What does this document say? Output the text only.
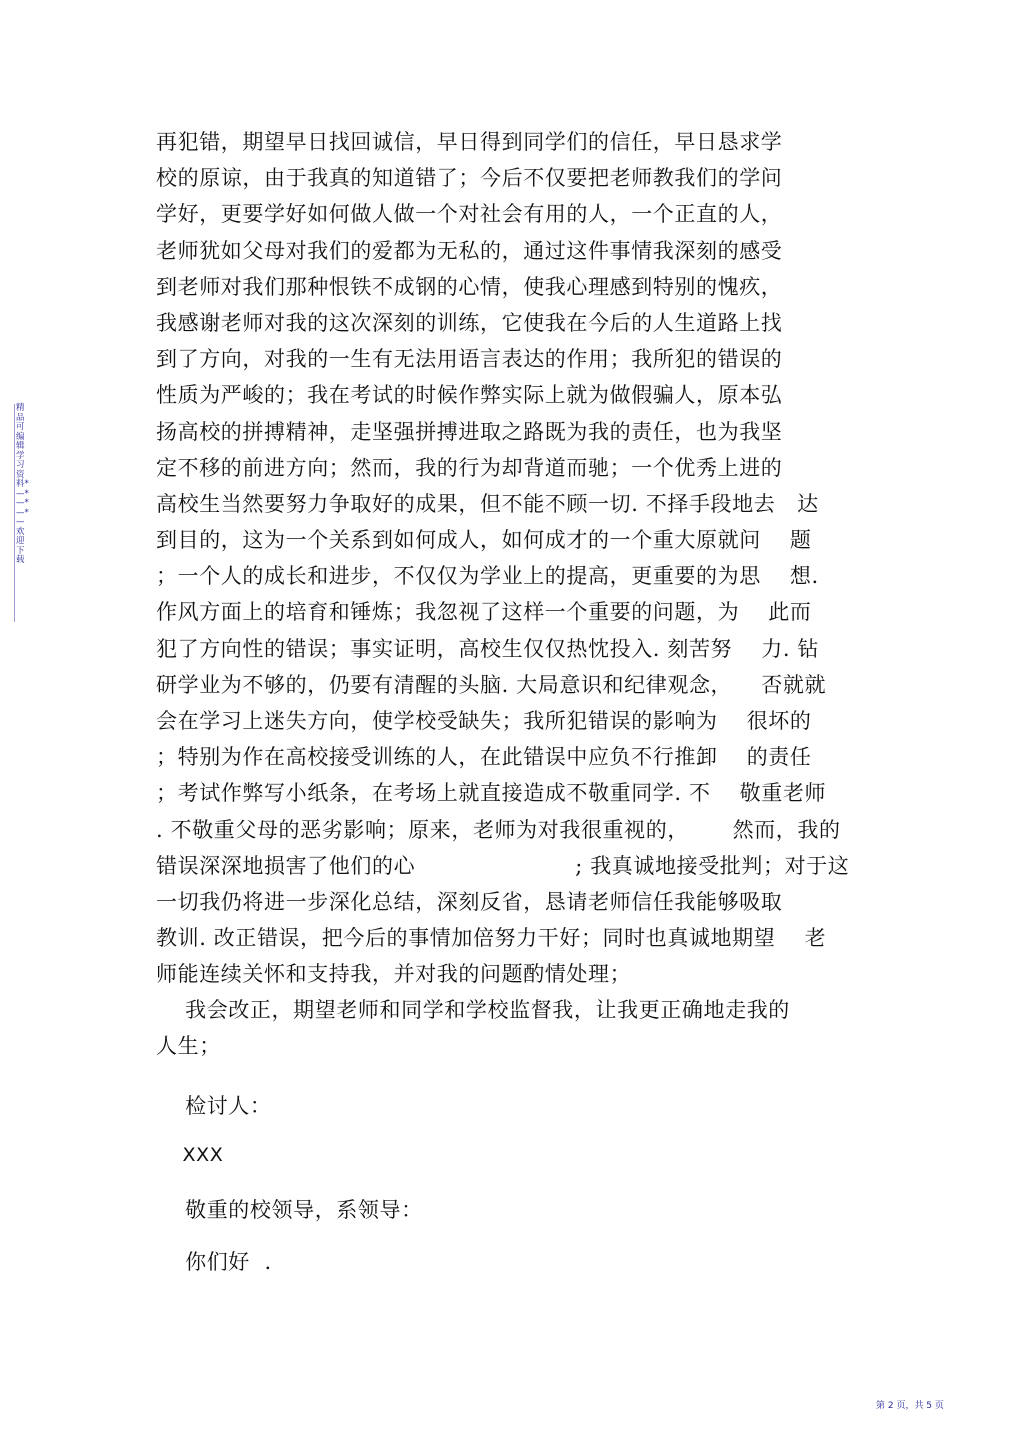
精品可编辑学习资料*—*—*—*—欢迎下载
再犯错，期望早日找回诚信，早日得到同学们的信任，早日恳求学
校的原谅，由于我真的知道错了；今后不仅要把老师教我们的学问
学好，更要学好如何做人做一个对社会有用的人，一个正直的人，
老师犹如父母对我们的爱都为无私的，通过这件事情我深刻的感受
到老师对我们那种恨铁不成钢的心情，使我心理感到特别的愧疚，
我感谢老师对我的这次深刻的训练，它使我在今后的人生道路上找
到了方向，对我的一生有无法用语言表达的作用；我所犯的错误的
性质为严峻的；我在考试的时候作弊实际上就为做假骗人，原本弘
扬高校的拼搏精神，走坚强拼搏进取之路既为我的责任，也为我坚
定不移的前进方向；然而，我的行为却背道而驰；一个优秀上进的
高校生当然要努力争取好的成果，但不能不顾一切. 不择手段地去   达
到目的，这为一个关系到如何成人，如何成才的一个重大原就问    题
；一个人的成长和进步，不仅仅为学业上的提高，更重要的为思    想.
作风方面上的培育和锤炼；我忽视了这样一个重要的问题，为    此而
犯了方向性的错误；事实证明，高校生仅仅热忱投入. 刻苦努    力. 钻
研学业为不够的，仍要有清醒的头脑. 大局意识和纪律观念，    否就就
会在学习上迷失方向，使学校受缺失；我所犯错误的影响为    很坏的
；特别为作在高校接受训练的人，在此错误中应负不行推卸    的责任
；考试作弊写小纸条，在考场上就直接造成不敬重同学. 不    敬重老师
. 不敬重父母的恶劣影响；原来，老师为对我很重视的，      然而，我的
错误深深地损害了他们的心                      ; 我真诚地接受批判；对于这
一切我仍将进一步深化总结，深刻反省，恳请老师信任我能够吸取
教训. 改正错误，把今后的事情加倍努力干好；同时也真诚地期望    老
师能连续关怀和支持我，并对我的问题酌情处理；
我会改正，期望老师和同学和学校监督我，让我更正确地走我的
人生；
检讨人：
XXX
敬重的校领导，系领导：
你们好  .
第 2 页，共 5 页
